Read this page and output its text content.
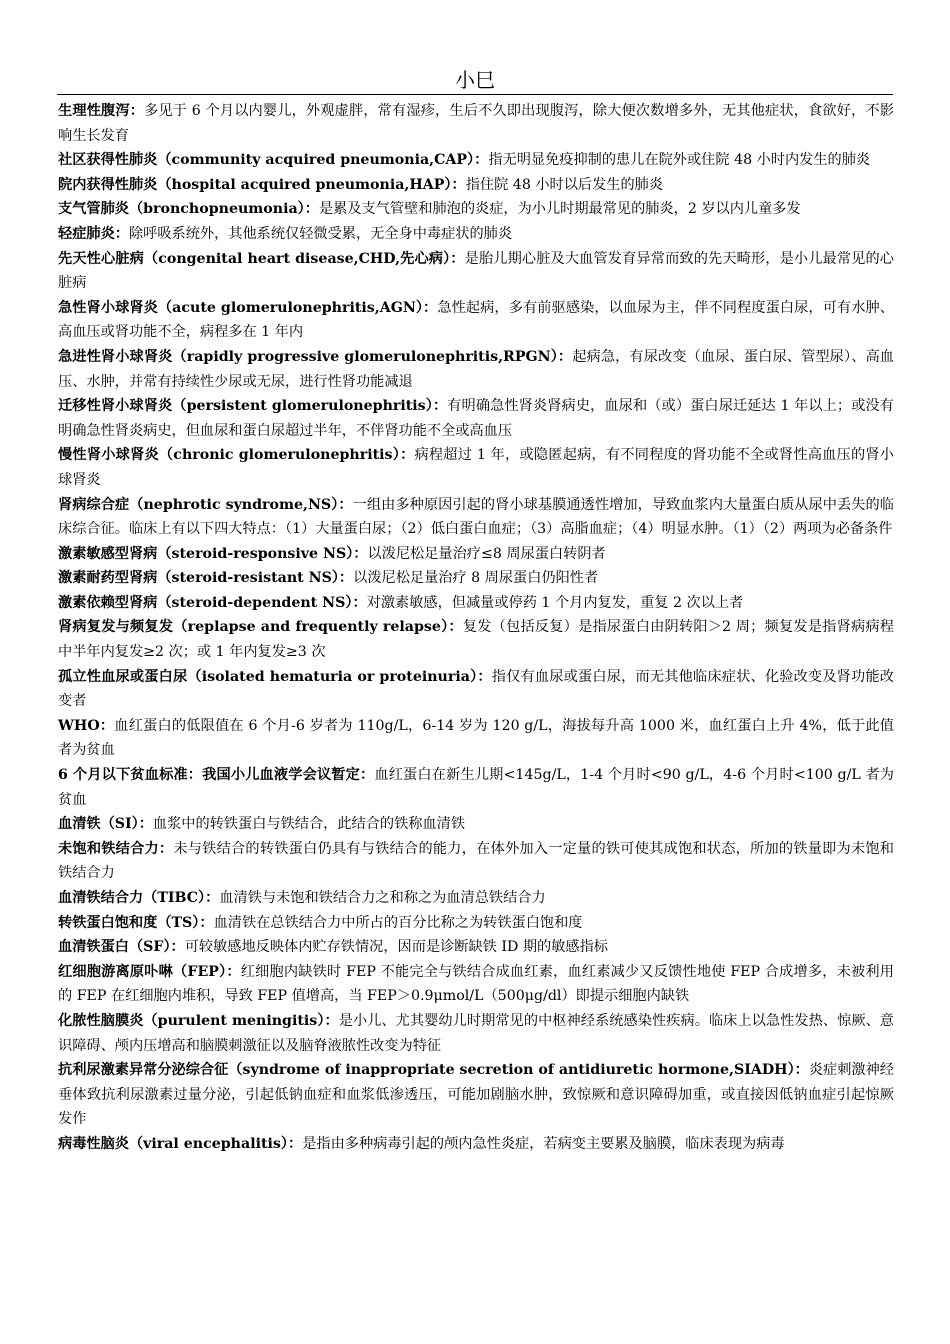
小巳

生理性腹泻：多见于 6 个月以内婴儿，外观虚胖，常有湿疹，生后不久即出现腹泻，除大便次数增多外，无其他症状，食欲好，不影响生长发育

社区获得性肺炎（community acquired pneumonia,CAP）：指无明显免疫抑制的患儿在院外或住院 48 小时内发生的肺炎

院内获得性肺炎（hospital acquired pneumonia,HAP）：指住院 48 小时以后发生的肺炎

支气管肺炎（bronchopneumonia）：是累及支气管壁和肺泡的炎症，为小儿时期最常见的肺炎，2 岁以内儿童多发

轻症肺炎：除呼吸系统外，其他系统仅轻微受累，无全身中毒症状的肺炎

先天性心脏病（congenital heart disease,CHD,先心病）：是胎儿期心脏及大血管发育异常而致的先天畸形，是小儿最常见的心脏病

急性肾小球肾炎（acute glomerulonephritis,AGN）：急性起病，多有前驱感染，以血尿为主，伴不同程度蛋白尿，可有水肿、高血压或肾功能不全，病程多在 1 年内

急进性肾小球肾炎（rapidly progressive glomerulonephritis,RPGN）：起病急，有尿改变（血尿、蛋白尿、管型尿）、高血压、水肿，并常有持续性少尿或无尿，进行性肾功能减退

迁移性肾小球肾炎（persistent glomerulonephritis）：有明确急性肾炎肾病史，血尿和（或）蛋白尿迁延达 1 年以上；或没有明确急性肾炎病史，但血尿和蛋白尿超过半年，不伴肾功能不全或高血压

慢性肾小球肾炎（chronic glomerulonephritis）：病程超过 1 年，或隐匿起病，有不同程度的肾功能不全或肾性高血压的肾小球肾炎

肾病综合症（nephrotic syndrome,NS）：一组由多种原因引起的肾小球基膜通透性增加，导致血浆内大量蛋白质从尿中丢失的临床综合征。临床上有以下四大特点：（1）大量蛋白尿；（2）低白蛋白血症；（3）高脂血症；（4）明显水肿。（1）（2）两项为必备条件

激素敏感型肾病（steroid-responsive NS）：以泼尼松足量治疗≤8 周尿蛋白转阴者

激素耐药型肾病（steroid-resistant NS）：以泼尼松足量治疗 8 周尿蛋白仍阳性者

激素依赖型肾病（steroid-dependent NS）：对激素敏感，但减量或停药 1 个月内复发，重复 2 次以上者

肾病复发与频复发（replapse and frequently relapse）：复发（包括反复）是指尿蛋白由阴转阳＞2 周；频复发是指肾病病程中半年内复发≥2 次；或 1 年内复发≥3 次

孤立性血尿或蛋白尿（isolated hematuria or proteinuria）：指仅有血尿或蛋白尿，而无其他临床症状、化验改变及肾功能改变者

WHO：血红蛋白的低限值在 6 个月-6 岁者为 110g/L，6-14 岁为 120 g/L，海拔每升高 1000 米，血红蛋白上升 4%，低于此值者为贫血

6 个月以下贫血标准：我国小儿血液学会议暂定：血红蛋白在新生儿期<145g/L，1-4 个月时<90 g/L，4-6 个月时<100 g/L 者为贫血

血清铁（SI）：血浆中的转铁蛋白与铁结合，此结合的铁称血清铁

未饱和铁结合力：未与铁结合的转铁蛋白仍具有与铁结合的能力，在体外加入一定量的铁可使其成饱和状态，所加的铁量即为未饱和铁结合力

血清铁结合力（TIBC）：血清铁与未饱和铁结合力之和称之为血清总铁结合力

转铁蛋白饱和度（TS）：血清铁在总铁结合力中所占的百分比称之为转铁蛋白饱和度

血清铁蛋白（SF）：可较敏感地反映体内贮存铁情况，因而是诊断缺铁 ID 期的敏感指标

红细胞游离原卟啉（FEP）：红细胞内缺铁时 FEP 不能完全与铁结合成血红素，血红素减少又反馈性地使 FEP 合成增多，未被利用的 FEP 在红细胞内堆积，导致 FEP 值增高，当 FEP＞0.9μmol/L（500μg/dl）即提示细胞内缺铁

化脓性脑膜炎（purulent meningitis）：是小儿、尤其婴幼儿时期常见的中枢神经系统感染性疾病。临床上以急性发热、惊厥、意识障碍、颅内压增高和脑膜刺激征以及脑脊液脓性改变为特征

抗利尿激素异常分泌综合征（syndrome of inappropriate secretion of antidiuretic hormone,SIADH）：炎症刺激神经垂体致抗利尿激素过量分泌，引起低钠血症和血浆低渗透压，可能加剧脑水肿，致惊厥和意识障碍加重，或直接因低钠血症引起惊厥发作

病毒性脑炎（viral encephalitis）：是指由多种病毒引起的颅内急性炎症，若病变主要累及脑膜，临床表现为病毒
